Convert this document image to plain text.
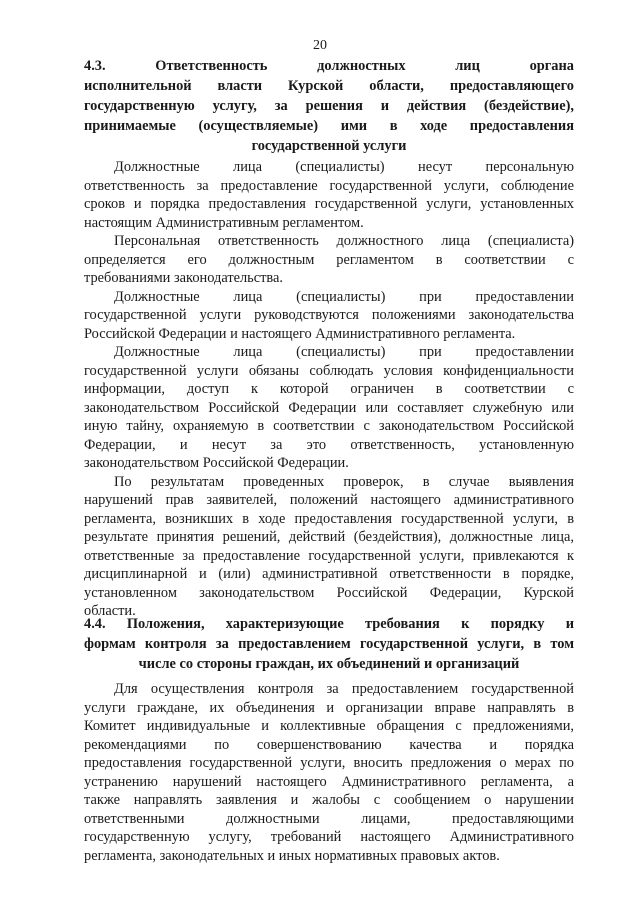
20
4.3. Ответственность должностных лиц органа
исполнительной власти Курской области, предоставляющего
государственную услугу, за решения и действия (бездействие),
принимаемые (осуществляемые) ими в ходе предоставления
государственной услуги
Должностные лица (специалисты) несут персональную
ответственность за предоставление государственной услуги, соблюдение
сроков и порядка предоставления государственной услуги, установленных
настоящим Административным регламентом.
Персональная ответственность должностного лица (специалиста)
определяется его должностным регламентом в соответствии с
требованиями законодательства.
Должностные лица (специалисты) при предоставлении
государственной услуги руководствуются положениями законодательства
Российской Федерации и настоящего Административного регламента.
Должностные лица (специалисты) при предоставлении
государственной услуги обязаны соблюдать условия конфиденциальности
информации, доступ к которой ограничен в соответствии с
законодательством Российской Федерации или составляет служебную или
иную тайну, охраняемую в соответствии с законодательством Российской
Федерации, и несут за это ответственность, установленную
законодательством Российской Федерации.
По результатам проведенных проверок, в случае выявления
нарушений прав заявителей, положений настоящего административного
регламента, возникших в ходе предоставления государственной услуги, в
результате принятия решений, действий (бездействия), должностные лица,
ответственные за предоставление государственной услуги, привлекаются к
дисциплинарной и (или) административной ответственности в порядке,
установленном законодательством Российской Федерации, Курской
области.
4.4. Положения, характеризующие требования к порядку и
формам контроля за предоставлением государственной услуги, в том
числе со стороны граждан, их объединений и организаций
Для осуществления контроля за предоставлением государственной
услуги граждане, их объединения и организации вправе направлять в
Комитет индивидуальные и коллективные обращения с предложениями,
рекомендациями по совершенствованию качества и порядка
предоставления государственной услуги, вносить предложения о мерах по
устранению нарушений настоящего Административного регламента, а
также направлять заявления и жалобы с сообщением о нарушении
ответственными должностными лицами, предоставляющими
государственную услугу, требований настоящего Административного
регламента, законодательных и иных нормативных правовых актов.
